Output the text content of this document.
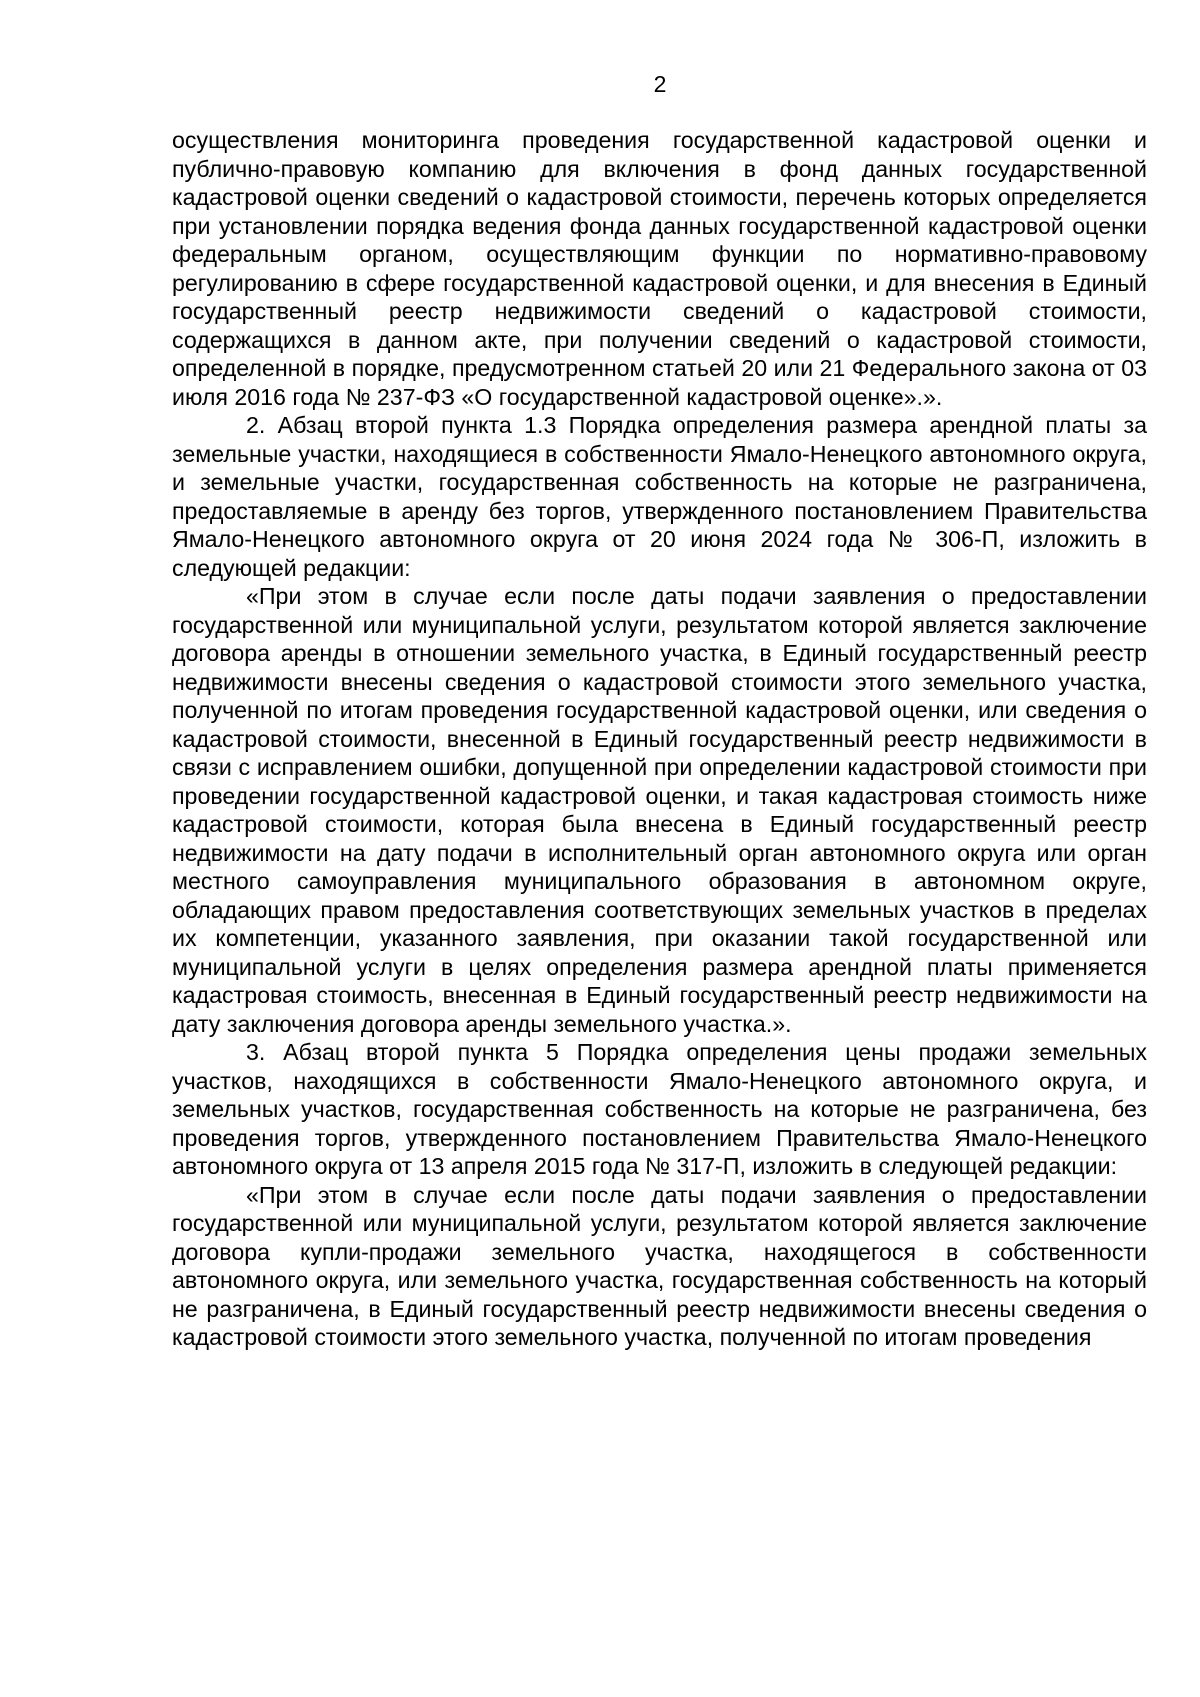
2

осуществления мониторинга проведения государственной кадастровой оценки и публично-правовую компанию для включения в фонд данных государственной кадастровой оценки сведений о кадастровой стоимости, перечень которых определяется при установлении порядка ведения фонда данных государственной кадастровой оценки федеральным органом, осуществляющим функции по нормативно-правовому регулированию в сфере государственной кадастровой оценки, и для внесения в Единый государственный реестр недвижимости сведений о кадастровой стоимости, содержащихся в данном акте, при получении сведений о кадастровой стоимости, определенной в порядке, предусмотренном статьей 20 или 21 Федерального закона от 03 июля 2016 года № 237-ФЗ «О государственной кадастровой оценке».».

2. Абзац второй пункта 1.3 Порядка определения размера арендной платы за земельные участки, находящиеся в собственности Ямало-Ненецкого автономного округа, и земельные участки, государственная собственность на которые не разграничена, предоставляемые в аренду без торгов, утвержденного постановлением Правительства Ямало-Ненецкого автономного округа от 20 июня 2024 года № 306-П, изложить в следующей редакции:

«При этом в случае если после даты подачи заявления о предоставлении государственной или муниципальной услуги, результатом которой является заключение договора аренды в отношении земельного участка, в Единый государственный реестр недвижимости внесены сведения о кадастровой стоимости этого земельного участка, полученной по итогам проведения государственной кадастровой оценки, или сведения о кадастровой стоимости, внесенной в Единый государственный реестр недвижимости в связи с исправлением ошибки, допущенной при определении кадастровой стоимости при проведении государственной кадастровой оценки, и такая кадастровая стоимость ниже кадастровой стоимости, которая была внесена в Единый государственный реестр недвижимости на дату подачи в исполнительный орган автономного округа или орган местного самоуправления муниципального образования в автономном округе, обладающих правом предоставления соответствующих земельных участков в пределах их компетенции, указанного заявления, при оказании такой государственной или муниципальной услуги в целях определения размера арендной платы применяется кадастровая стоимость, внесенная в Единый государственный реестр недвижимости на дату заключения договора аренды земельного участка.».

3. Абзац второй пункта 5 Порядка определения цены продажи земельных участков, находящихся в собственности Ямало-Ненецкого автономного округа, и земельных участков, государственная собственность на которые не разграничена, без проведения торгов, утвержденного постановлением Правительства Ямало-Ненецкого автономного округа от 13 апреля 2015 года № 317-П, изложить в следующей редакции:

«При этом в случае если после даты подачи заявления о предоставлении государственной или муниципальной услуги, результатом которой является заключение договора купли-продажи земельного участка, находящегося в собственности автономного округа, или земельного участка, государственная собственность на который не разграничена, в Единый государственный реестр недвижимости внесены сведения о кадастровой стоимости этого земельного участка, полученной по итогам проведения
